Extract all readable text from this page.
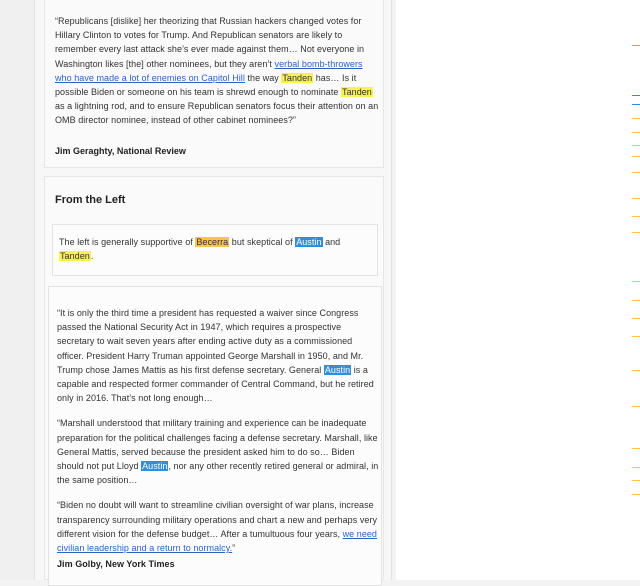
“Republicans [dislike] her theorizing that Russian hackers changed votes for Hillary Clinton to votes for Trump. And Republican senators are likely to remember every last attack she’s ever made against them… Not everyone in Washington likes [the] other nominees, but they aren’t verbal bomb-throwers who have made a lot of enemies on Capitol Hill the way Tanden has… Is it possible Biden or someone on his team is shrewd enough to nominate Tanden as a lightning rod, and to ensure Republican senators focus their attention on an OMB director nominee, instead of other cabinet nominees?”
Jim Geraghty, National Review
From the Left
The left is generally supportive of Becerra but skeptical of Austin and Tanden.

“It is only the third time a president has requested a waiver since Congress passed the National Security Act in 1947, which requires a prospective secretary to wait seven years after ending active duty as a commissioned officer. President Harry Truman appointed George Marshall in 1950, and Mr. Trump chose James Mattis as his first defense secretary. General Austin is a capable and respected former commander of Central Command, but he retired only in 2016. That’s not long enough…

“Marshall understood that military training and experience can be inadequate preparation for the political challenges facing a defense secretary. Marshall, like General Mattis, served because the president asked him to do so… Biden should not put Lloyd Austin, nor any other recently retired general or admiral, in the same position…

“Biden no doubt will want to streamline civilian oversight of war plans, increase transparency surrounding military operations and chart a new and perhaps very different vision for the defense budget… After a tumultuous four years, we need civilian leadership and a return to normalcy.”

Jim Golby, New York Times
